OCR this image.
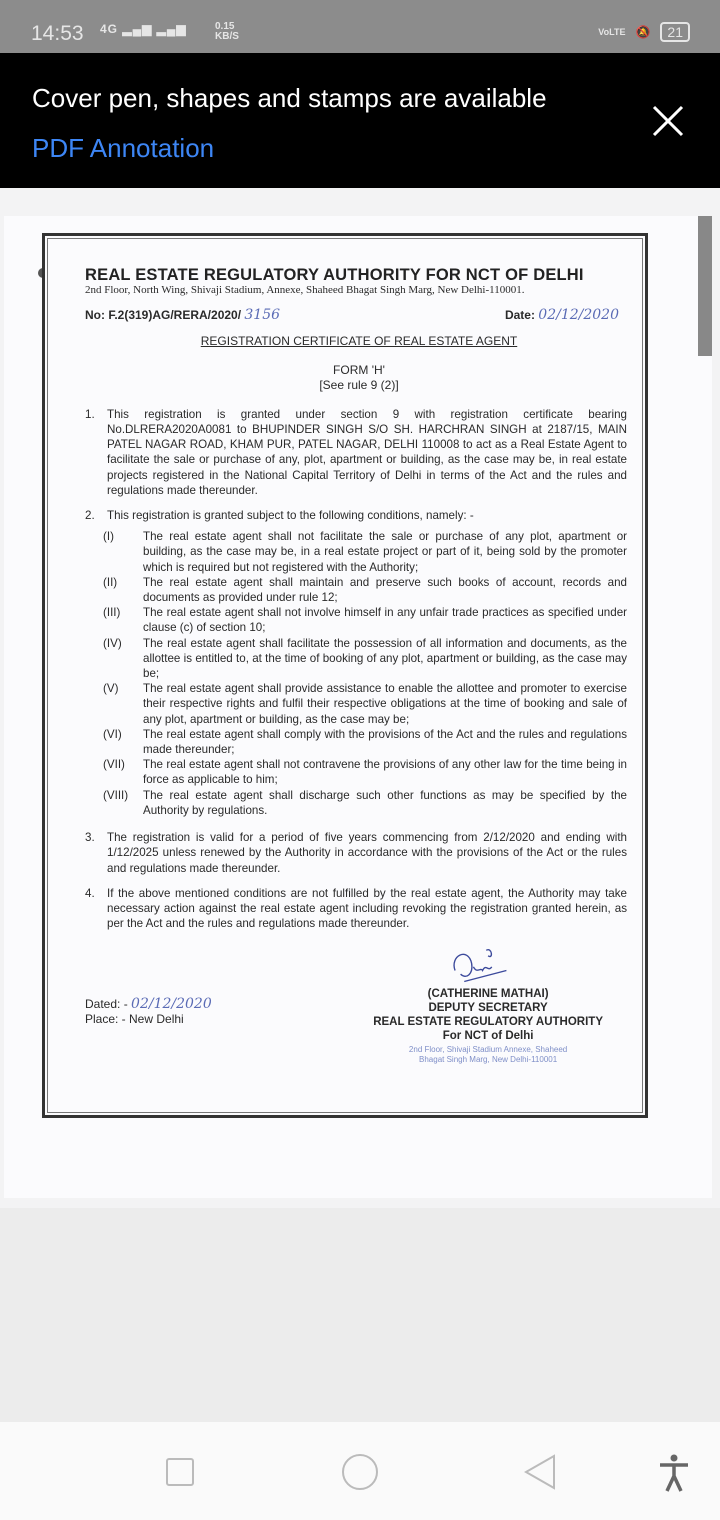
14:53 4G ▂▄▆ ▂▄▆	0.15
KB/S	VoLTE 🔕	21
Cover pen, shapes and stamps are available
PDF Annotation
REAL ESTATE REGULATORY AUTHORITY FOR NCT OF DELHI
2nd Floor, North Wing, Shivaji Stadium, Annexe, Shaheed Bhagat Singh Marg, New Delhi-110001.
No: F.2(319)AG/RERA/2020/ 3156	Date: 02/12/2020
REGISTRATION CERTIFICATE OF REAL ESTATE AGENT
FORM 'H'
[See rule 9 (2)]
1.	This registration is granted under section 9 with registration certificate bearing No.DLRERA2020A0081 to BHUPINDER SINGH S/O SH. HARCHRAN SINGH at 2187/15, MAIN PATEL NAGAR ROAD, KHAM PUR, PATEL NAGAR, DELHI 110008 to act as a Real Estate Agent to facilitate the sale or purchase of any, plot, apartment or building, as the case may be, in real estate projects registered in the National Capital Territory of Delhi in terms of the Act and the rules and regulations made thereunder.
2.	This registration is granted subject to the following conditions, namely: -
(I)	The real estate agent shall not facilitate the sale or purchase of any plot, apartment or building, as the case may be, in a real estate project or part of it, being sold by the promoter which is required but not registered with the Authority;
(II)	The real estate agent shall maintain and preserve such books of account, records and documents as provided under rule 12;
(III)	The real estate agent shall not involve himself in any unfair trade practices as specified under clause (c) of section 10;
(IV)	The real estate agent shall facilitate the possession of all information and documents, as the allottee is entitled to, at the time of booking of any plot, apartment or building, as the case may be;
(V)	The real estate agent shall provide assistance to enable the allottee and promoter to exercise their respective rights and fulfil their respective obligations at the time of booking and sale of any plot, apartment or building, as the case may be;
(VI)	The real estate agent shall comply with the provisions of the Act and the rules and regulations made thereunder;
(VII)	The real estate agent shall not contravene the provisions of any other law for the time being in force as applicable to him;
(VIII)	The real estate agent shall discharge such other functions as may be specified by the Authority by regulations.
3.	The registration is valid for a period of five years commencing from 2/12/2020 and ending with 1/12/2025 unless renewed by the Authority in accordance with the provisions of the Act or the rules and regulations made thereunder.
4.	If the above mentioned conditions are not fulfilled by the real estate agent, the Authority may take necessary action against the real estate agent including revoking the registration granted herein, as per the Act and the rules and regulations made thereunder.
Dated: - 02/12/2020
Place: - New Delhi
(CATHERINE MATHAI)
DEPUTY SECRETARY
REAL ESTATE REGULATORY AUTHORITY
For NCT of Delhi
2nd Floor, Shivaji Stadium Annexe, Shaheed Bhagat Singh Marg, New Delhi-110001
